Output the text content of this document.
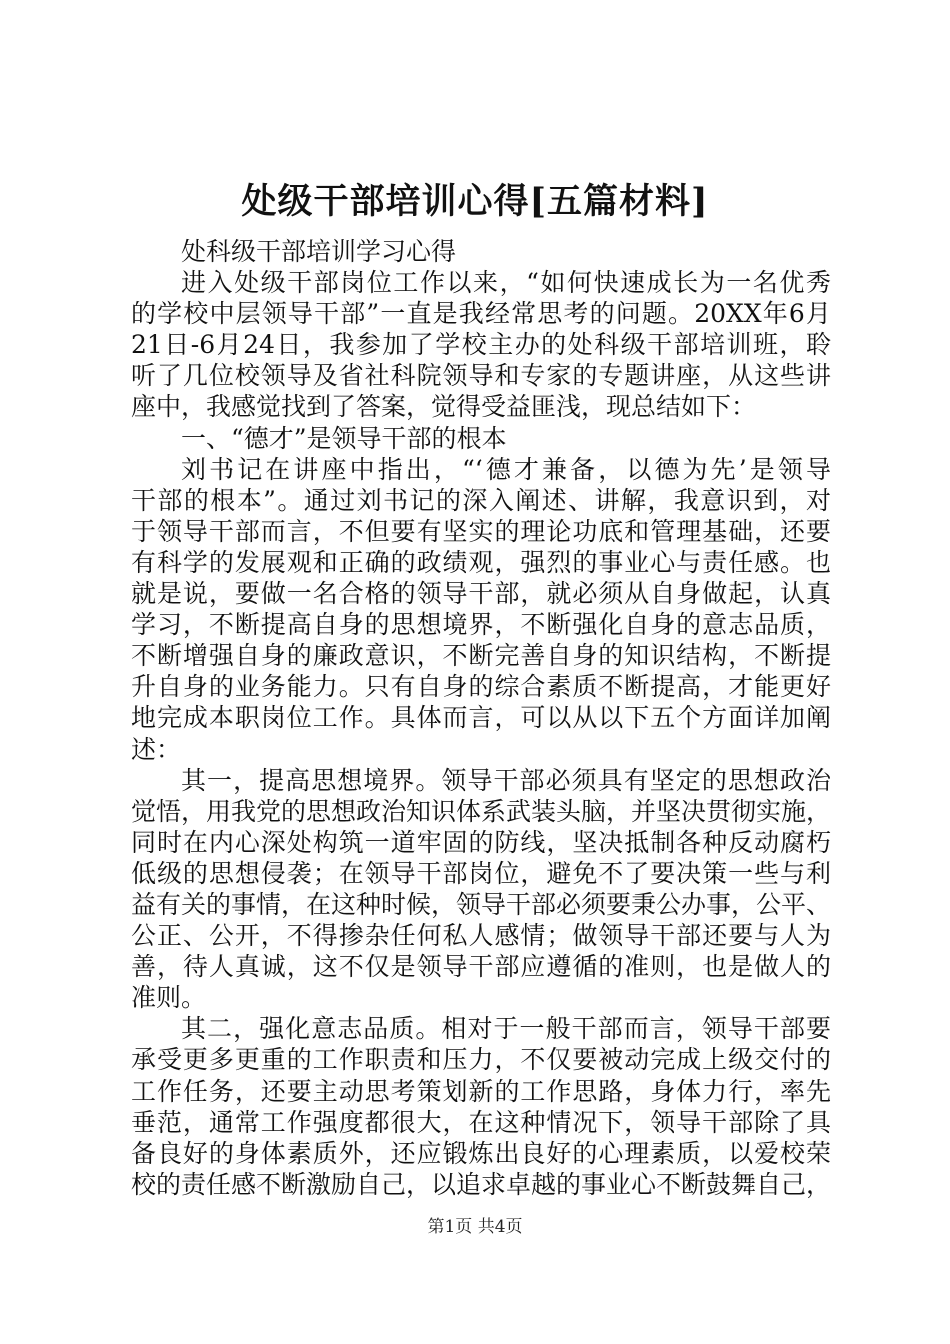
处级干部培训心得[五篇材料]
处科级干部培训学习心得
进入处级干部岗位工作以来，“如何快速成长为一名优秀
的学校中层领导干部”一直是我经常思考的问题。20XX年6月
21日-6月24日，我参加了学校主办的处科级干部培训班，聆
听了几位校领导及省社科院领导和专家的专题讲座，从这些讲
座中，我感觉找到了答案，觉得受益匪浅，现总结如下：
一、“德才”是领导干部的根本
刘书记在讲座中指出，“‘德才兼备，以德为先’是领导
干部的根本”。通过刘书记的深入阐述、讲解，我意识到，对
于领导干部而言，不但要有坚实的理论功底和管理基础，还要
有科学的发展观和正确的政绩观，强烈的事业心与责任感。也
就是说，要做一名合格的领导干部，就必须从自身做起，认真
学习，不断提高自身的思想境界，不断强化自身的意志品质，
不断增强自身的廉政意识，不断完善自身的知识结构，不断提
升自身的业务能力。只有自身的综合素质不断提高，才能更好
地完成本职岗位工作。具体而言，可以从以下五个方面详加阐
述：
其一，提高思想境界。领导干部必须具有坚定的思想政治
觉悟，用我党的思想政治知识体系武装头脑，并坚决贯彻实施，
同时在内心深处构筑一道牢固的防线，坚决抵制各种反动腐朽
低级的思想侵袭；在领导干部岗位，避免不了要决策一些与利
益有关的事情，在这种时候，领导干部必须要秉公办事，公平、
公正、公开，不得掺杂任何私人感情；做领导干部还要与人为
善，待人真诚，这不仅是领导干部应遵循的准则，也是做人的
准则。
其二，强化意志品质。相对于一般干部而言，领导干部要
承受更多更重的工作职责和压力，不仅要被动完成上级交付的
工作任务，还要主动思考策划新的工作思路，身体力行，率先
垂范，通常工作强度都很大，在这种情况下，领导干部除了具
备良好的身体素质外，还应锻炼出良好的心理素质，以爱校荣
校的责任感不断激励自己，以追求卓越的事业心不断鼓舞自己，
第1页 共4页
